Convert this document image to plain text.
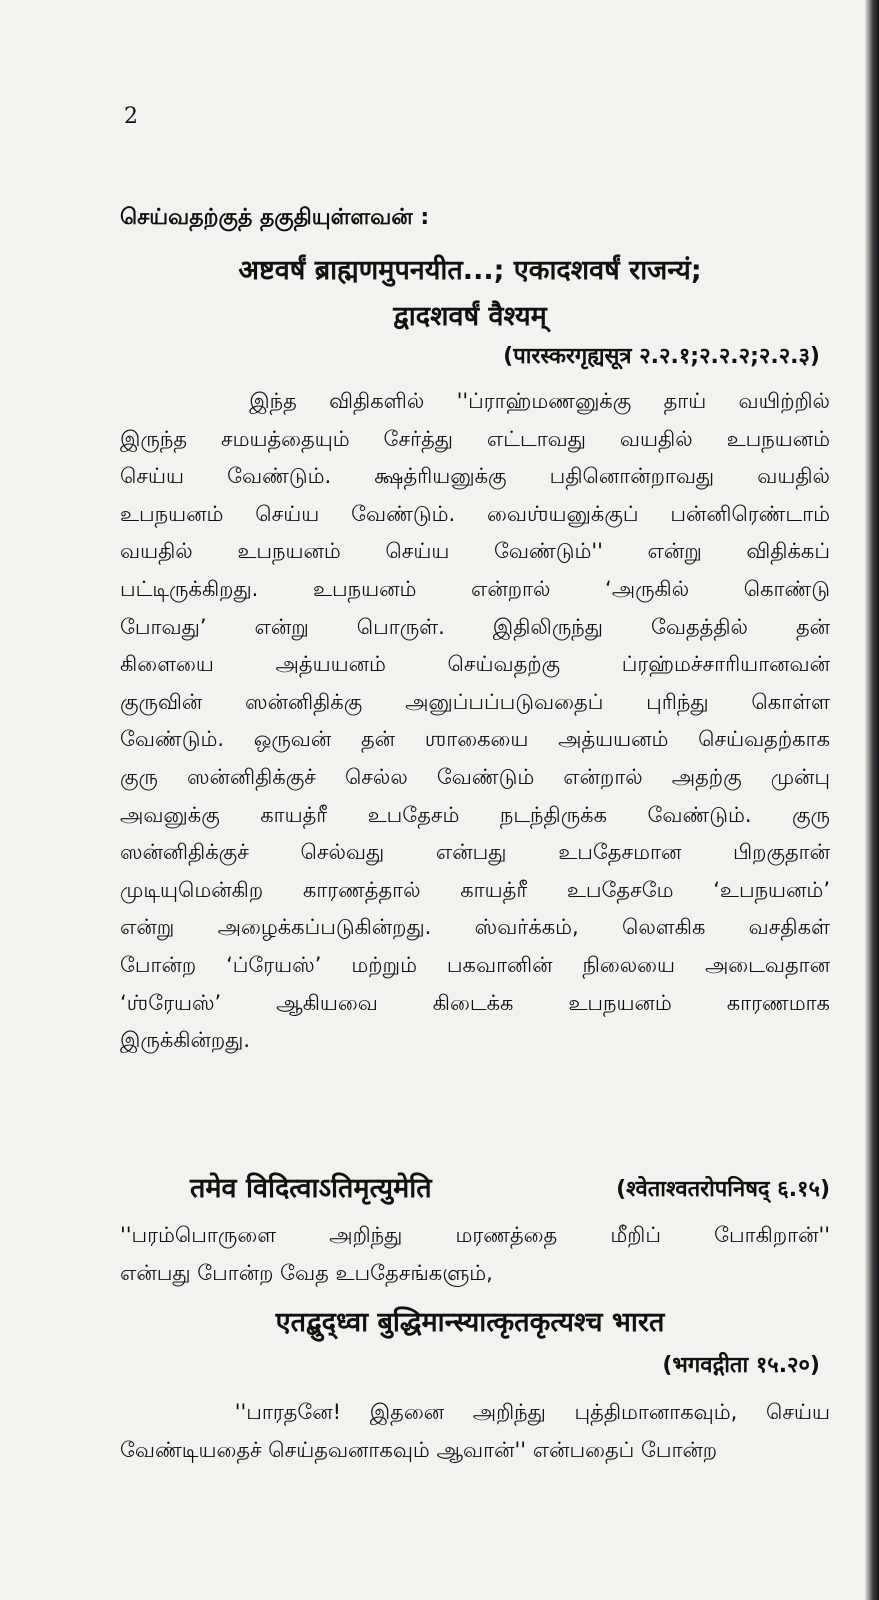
2
செய்வதற்குத் தகுதியுள்ளவன் :
अष्टवर्षं ब्राह्मणमुपनयीत...; एकादशवर्षं राजन्यं;
द्वादशवर्षं वैश्यम्
(पारस्करगृह्यसूत्र २.२.१;२.२.२;२.२.३)
இந்த விதிகளில் ''ப்ராஹ்மணனுக்கு தாய் வயிற்றில்
இருந்த சமயத்தையும் சேர்த்து எட்டாவது வயதில் உபநயனம்
செய்ய வேண்டும். க்ஷத்ரியனுக்கு பதினொன்றாவது வயதில்
உபநயனம் செய்ய வேண்டும். வைஶ்யனுக்குப் பன்னிரெண்டாம்
வயதில் உபநயனம் செய்ய வேண்டும்'' என்று விதிக்கப்
பட்டிருக்கிறது. உபநயனம் என்றால் ‘அருகில் கொண்டு
போவது’ என்று பொருள். இதிலிருந்து வேதத்தில் தன்
கிளையை அத்யயனம் செய்வதற்கு ப்ரஹ்மச்சாரியானவன்
குருவின் ஸன்னிதிக்கு அனுப்பப்படுவதைப் புரிந்து கொள்ள
வேண்டும். ஒருவன் தன் ஶாகையை அத்யயனம் செய்வதற்காக
குரு ஸன்னிதிக்குச் செல்ல வேண்டும் என்றால் அதற்கு முன்பு
அவனுக்கு காயத்ரீ உபதேசம் நடந்திருக்க வேண்டும். குரு
ஸன்னிதிக்குச் செல்வது என்பது உபதேசமான பிறகுதான்
முடியுமென்கிற காரணத்தால் காயத்ரீ உபதேசமே ‘உபநயனம்’
என்று அழைக்கப்படுகின்றது. ஸ்வர்க்கம், லௌகிக வசதிகள்
போன்ற ‘ப்ரேயஸ்’ மற்றும் பகவானின் நிலையை அடைவதான
‘ஶ்ரேயஸ்’ ஆகியவை கிடைக்க உபநயனம் காரணமாக
இருக்கின்றது.
तमेव विदित्वाऽतिमृत्युमेति	(श्वेताश्वतरोपनिषद् ६.१५)
''பரம்பொருளை அறிந்து மரணத்தை மீறிப் போகிறான்''
என்பது போன்ற வேத உபதேசங்களும்,
एतद्बुद्ध्वा बुद्धिमान्स्यात्कृतकृत्यश्च भारत
(भगवद्गीता १५.२०)
''பாரதனே! இதனை அறிந்து புத்திமானாகவும், செய்ய
வேண்டியதைச் செய்தவனாகவும் ஆவான்'' என்பதைப் போன்ற
